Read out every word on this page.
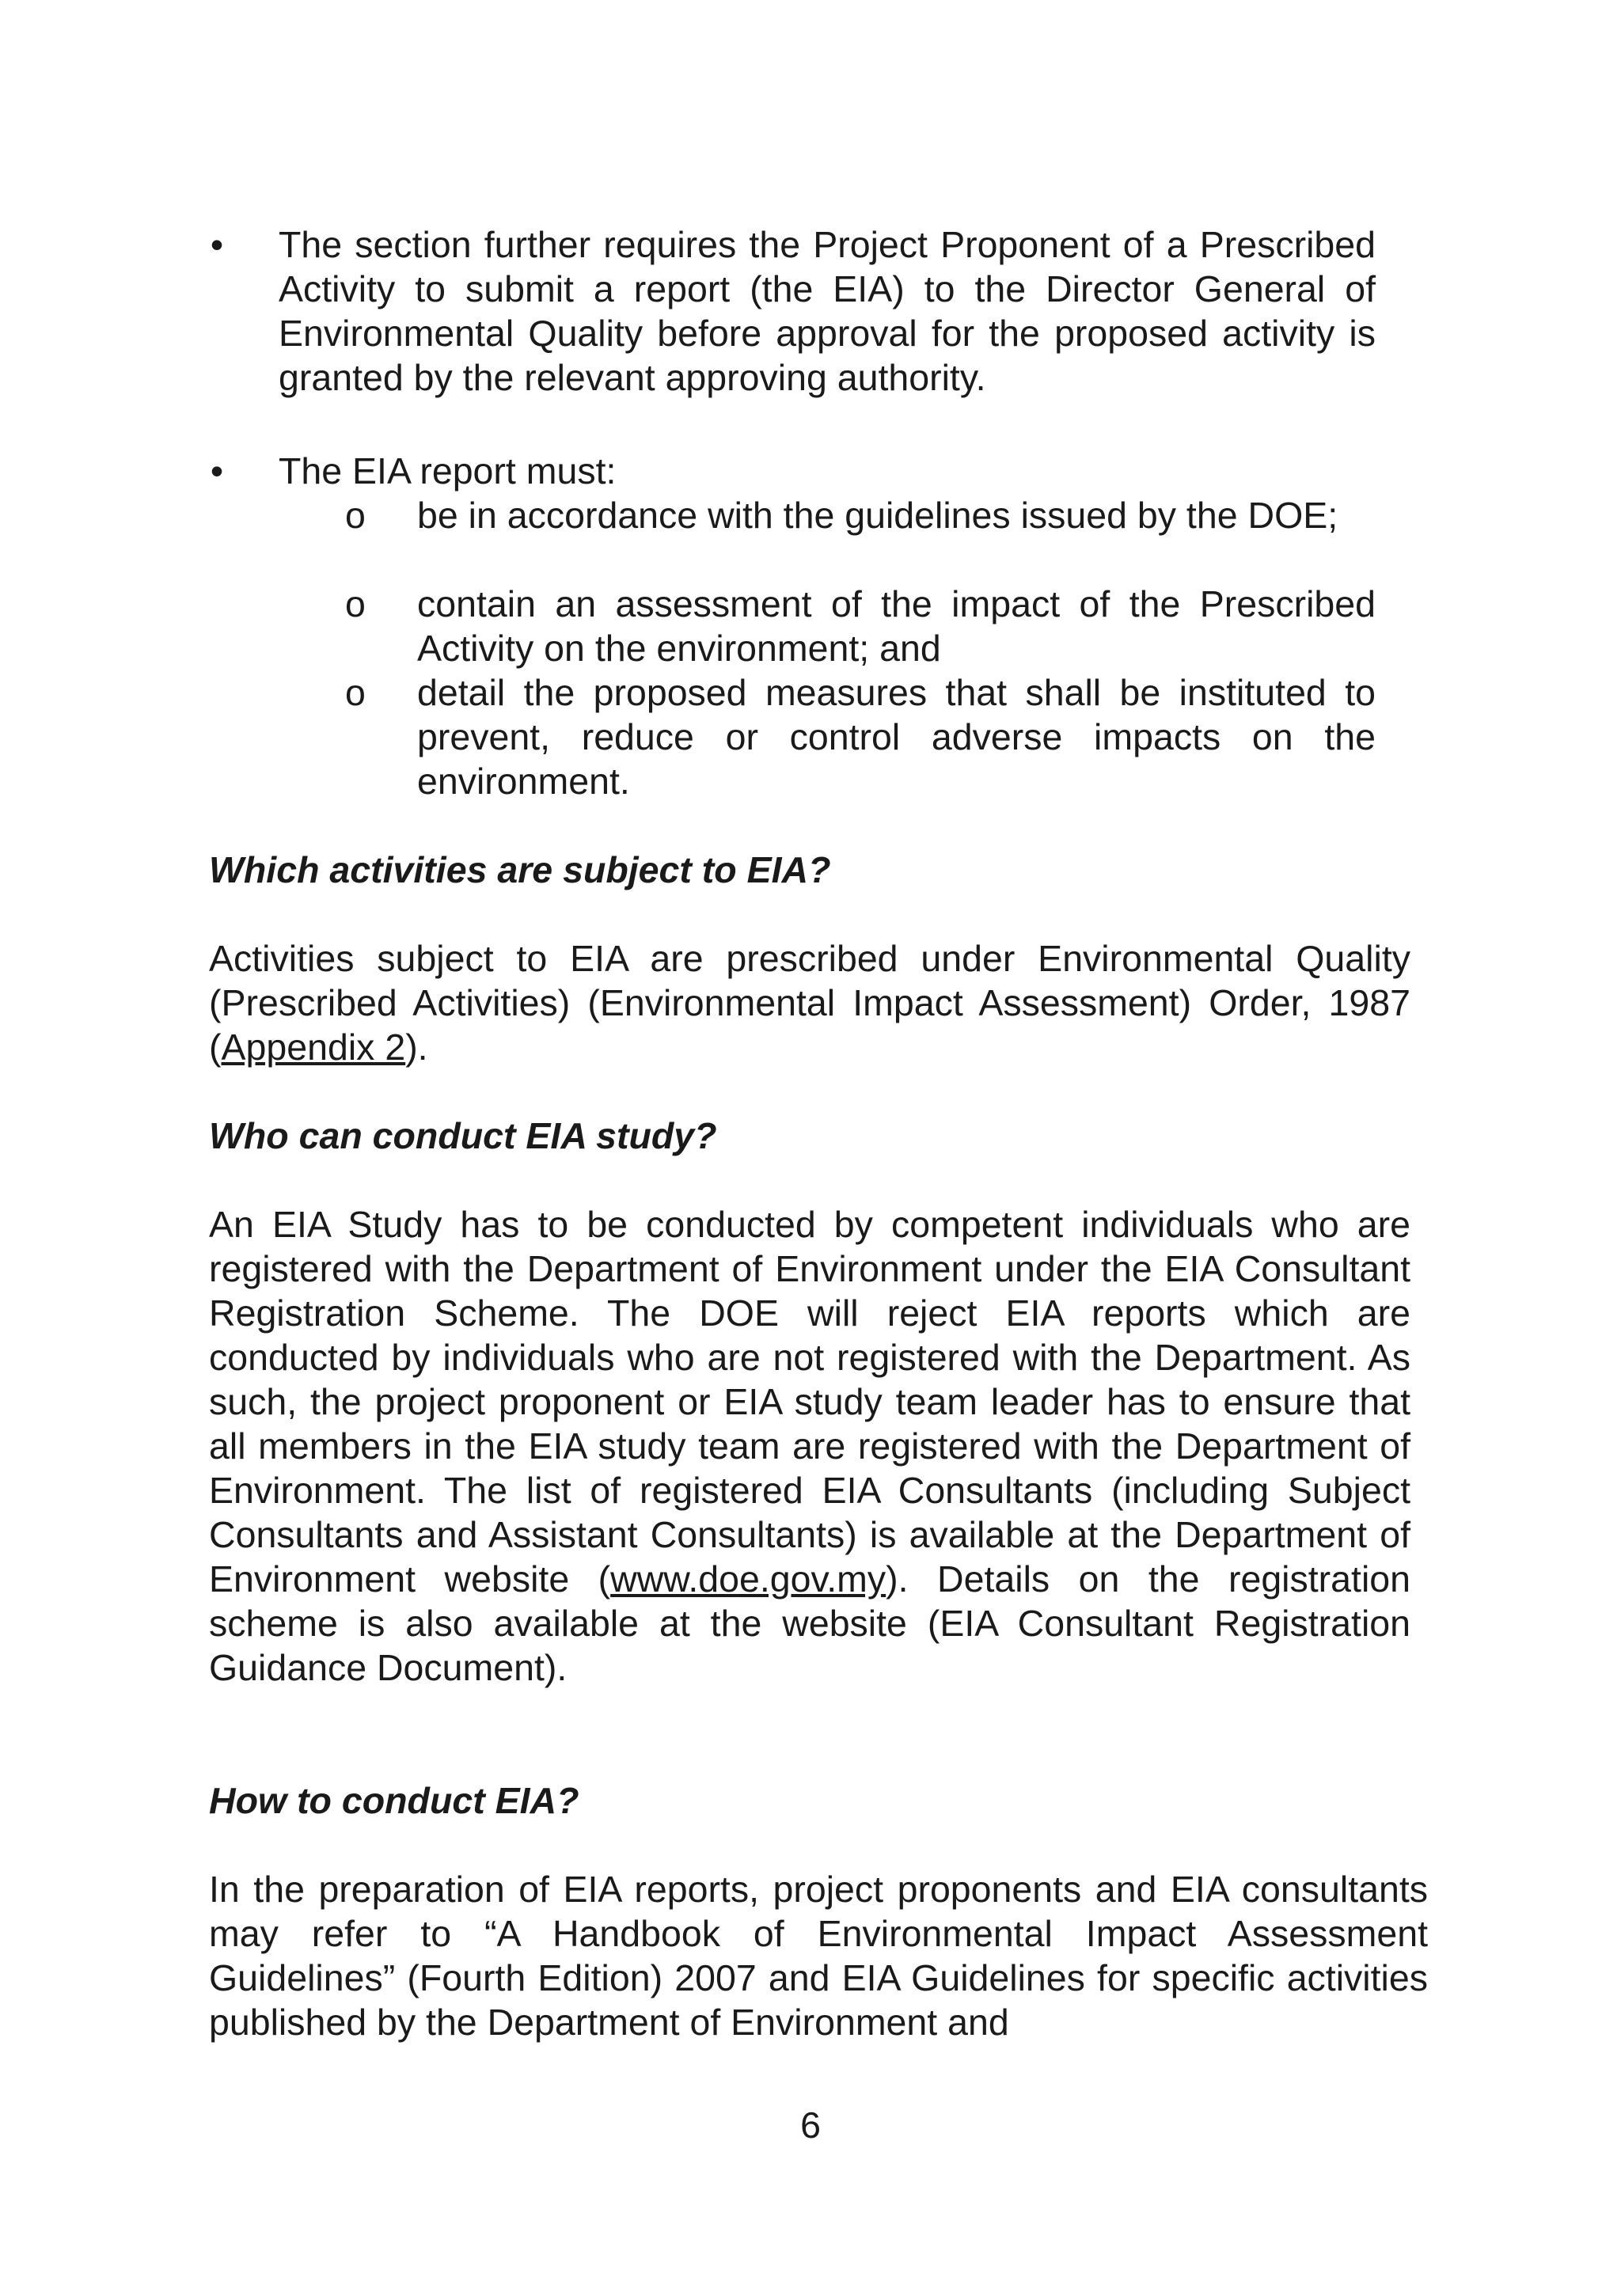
• The section further requires the Project Proponent of a Prescribed Activity to submit a report (the EIA) to the Director General of Environmental Quality before approval for the proposed activity is granted by the relevant approving authority.
• The EIA report must:
o be in accordance with the guidelines issued by the DOE;
o contain an assessment of the impact of the Prescribed Activity on the environment; and
o detail the proposed measures that shall be instituted to prevent, reduce or control adverse impacts on the environment.
Which activities are subject to EIA?
Activities subject to EIA are prescribed under Environmental Quality (Prescribed Activities) (Environmental Impact Assessment) Order, 1987 (Appendix 2).
Who can conduct EIA study?
An EIA Study has to be conducted by competent individuals who are registered with the Department of Environment under the EIA Consultant Registration Scheme. The DOE will reject EIA reports which are conducted by individuals who are not registered with the Department. As such, the project proponent or EIA study team leader has to ensure that all members in the EIA study team are registered with the Department of Environment. The list of registered EIA Consultants (including Subject Consultants and Assistant Consultants) is available at the Department of Environment website (www.doe.gov.my). Details on the registration scheme is also available at the website (EIA Consultant Registration Guidance Document).
How to conduct EIA?
In the preparation of EIA reports, project proponents and EIA consultants may refer to “A Handbook of Environmental Impact Assessment Guidelines” (Fourth Edition) 2007 and EIA Guidelines for specific activities published by the Department of Environment and
6
